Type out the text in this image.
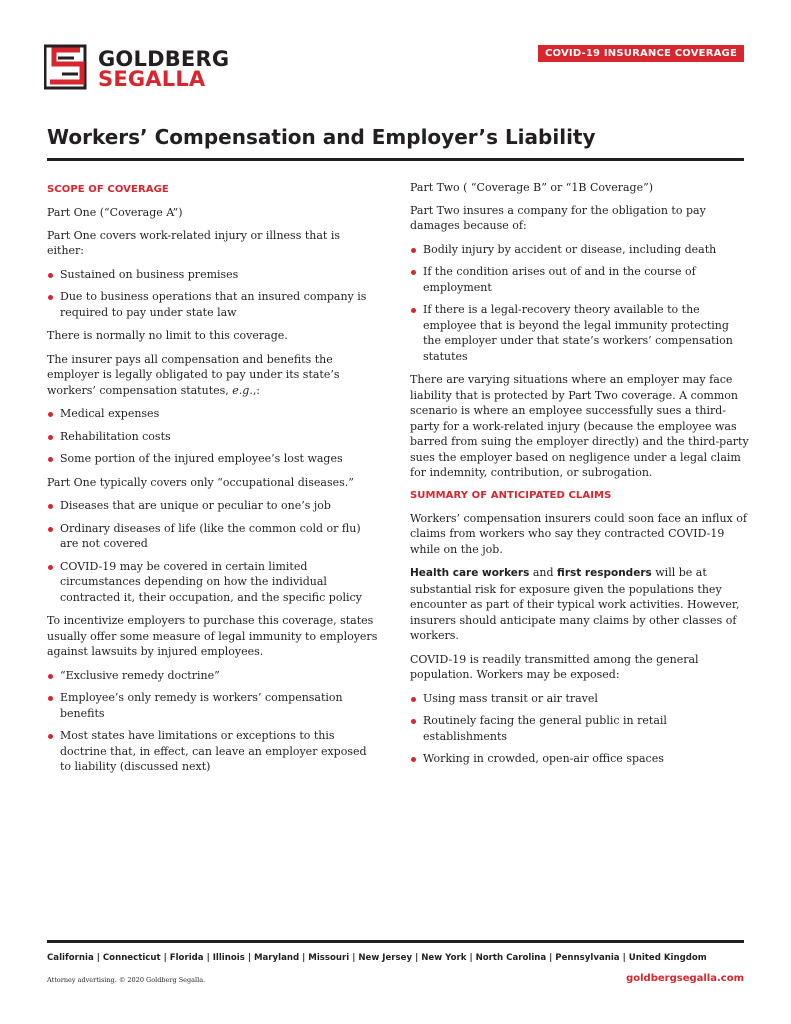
GOLDBERG
SEGALLA
COVID-19 INSURANCE COVERAGE
Workers’ Compensation and Employer’s Liability
SCOPE OF COVERAGE
Part One (“Coverage A”)

Part One covers work-related injury or illness that is either:

Sustained on business premises
Due to business operations that an insured company is required to pay under state law

There is normally no limit to this coverage.

The insurer pays all compensation and benefits the employer is legally obligated to pay under its state’s workers’ compensation statutes, e.g.,:

Medical expenses
Rehabilitation costs
Some portion of the injured employee’s lost wages

Part One typically covers only “occupational diseases.”

Diseases that are unique or peculiar to one’s job
Ordinary diseases of life (like the common cold or flu) are not covered
COVID-19 may be covered in certain limited circumstances depending on how the individual contracted it, their occupation, and the specific policy

To incentivize employers to purchase this coverage, states usually offer some measure of legal immunity to employers against lawsuits by injured employees.

“Exclusive remedy doctrine”
Employee’s only remedy is workers’ compensation benefits
Most states have limitations or exceptions to this doctrine that, in effect, can leave an employer exposed to liability (discussed next)
Part Two ( “Coverage B” or “1B Coverage”)

Part Two insures a company for the obligation to pay damages because of:

Bodily injury by accident or disease, including death
If the condition arises out of and in the course of employment
If there is a legal-recovery theory available to the employee that is beyond the legal immunity protecting the employer under that state’s workers’ compensation statutes

There are varying situations where an employer may face liability that is protected by Part Two coverage. A common scenario is where an employee successfully sues a third-party for a work-related injury (because the employee was barred from suing the employer directly) and the third-party sues the employer based on negligence under a legal claim for indemnity, contribution, or subrogation.

SUMMARY OF ANTICIPATED CLAIMS

Workers’ compensation insurers could soon face an influx of claims from workers who say they contracted COVID-19 while on the job.

Health care workers and first responders will be at substantial risk for exposure given the populations they encounter as part of their typical work activities. However, insurers should anticipate many claims by other classes of workers.

COVID-19 is readily transmitted among the general population. Workers may be exposed:

Using mass transit or air travel
Routinely facing the general public in retail establishments
Working in crowded, open-air office spaces
California | Connecticut | Florida | Illinois | Maryland | Missouri | New Jersey | New York | North Carolina | Pennsylvania | United Kingdom
Attorney advertising. © 2020 Goldberg Segalla.	goldbergsegalla.com
